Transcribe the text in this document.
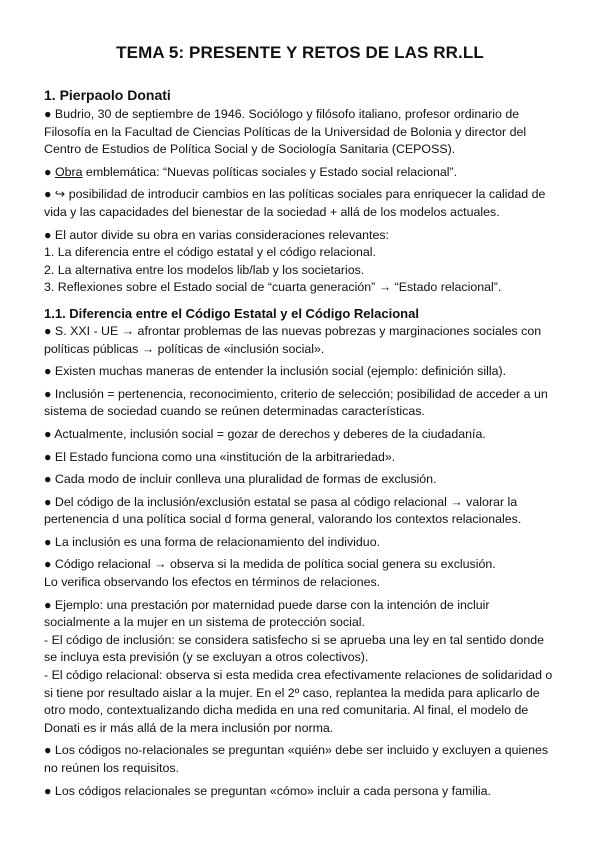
TEMA 5: PRESENTE Y RETOS DE LAS RR.LL
1. Pierpaolo Donati
● Budrio, 30 de septiembre de 1946. Sociólogo y filósofo italiano, profesor ordinario de Filosofía en la Facultad de Ciencias Políticas de la Universidad de Bolonia y director del Centro de Estudios de Política Social y de Sociología Sanitaria (CEPOSS).
● Obra emblemática: “Nuevas políticas sociales y Estado social relacional”.
● ↪ posibilidad de introducir cambios en las políticas sociales para enriquecer la calidad de vida y las capacidades del bienestar de la sociedad + allá de los modelos actuales.
● El autor divide su obra en varias consideraciones relevantes:
1. La diferencia entre el código estatal y el código relacional.
2. La alternativa entre los modelos lib/lab y los societarios.
3. Reflexiones sobre el Estado social de “cuarta generación” → “Estado relacional”.
1.1. Diferencia entre el Código Estatal y el Código Relacional
● S. XXI - UE → afrontar problemas de las nuevas pobrezas y marginaciones sociales con políticas públicas → políticas de «inclusión social».
● Existen muchas maneras de entender la inclusión social (ejemplo: definición silla).
● Inclusión = pertenencia, reconocimiento, criterio de selección; posibilidad de acceder a un sistema de sociedad cuando se reúnen determinadas características.
● Actualmente, inclusión social = gozar de derechos y deberes de la ciudadanía.
● El Estado funciona como una «institución de la arbitrariedad».
● Cada modo de incluir conlleva una pluralidad de formas de exclusión.
● Del código de la inclusión/exclusión estatal se pasa al código relacional → valorar la pertenencia d una política social d forma general, valorando los contextos relacionales.
● La inclusión es una forma de relacionamiento del individuo.
● Código relacional → observa si la medida de política social genera su exclusión.
Lo verifica observando los efectos en términos de relaciones.
● Ejemplo: una prestación por maternidad puede darse con la intención de incluir socialmente a la mujer en un sistema de protección social.
- El código de inclusión: se considera satisfecho si se aprueba una ley en tal sentido donde se incluya esta previsión (y se excluyan a otros colectivos).
- El código relacional: observa si esta medida crea efectivamente relaciones de solidaridad o si tiene por resultado aislar a la mujer. En el 2º caso, replantea la medida para aplicarlo de otro modo, contextualizando dicha medida en una red comunitaria. Al final, el modelo de Donati es ir más allá de la mera inclusión por norma.
● Los códigos no-relacionales se preguntan «quién» debe ser incluido y excluyen a quienes no reúnen los requisitos.
● Los códigos relacionales se preguntan «cómo» incluir a cada persona y familia.
